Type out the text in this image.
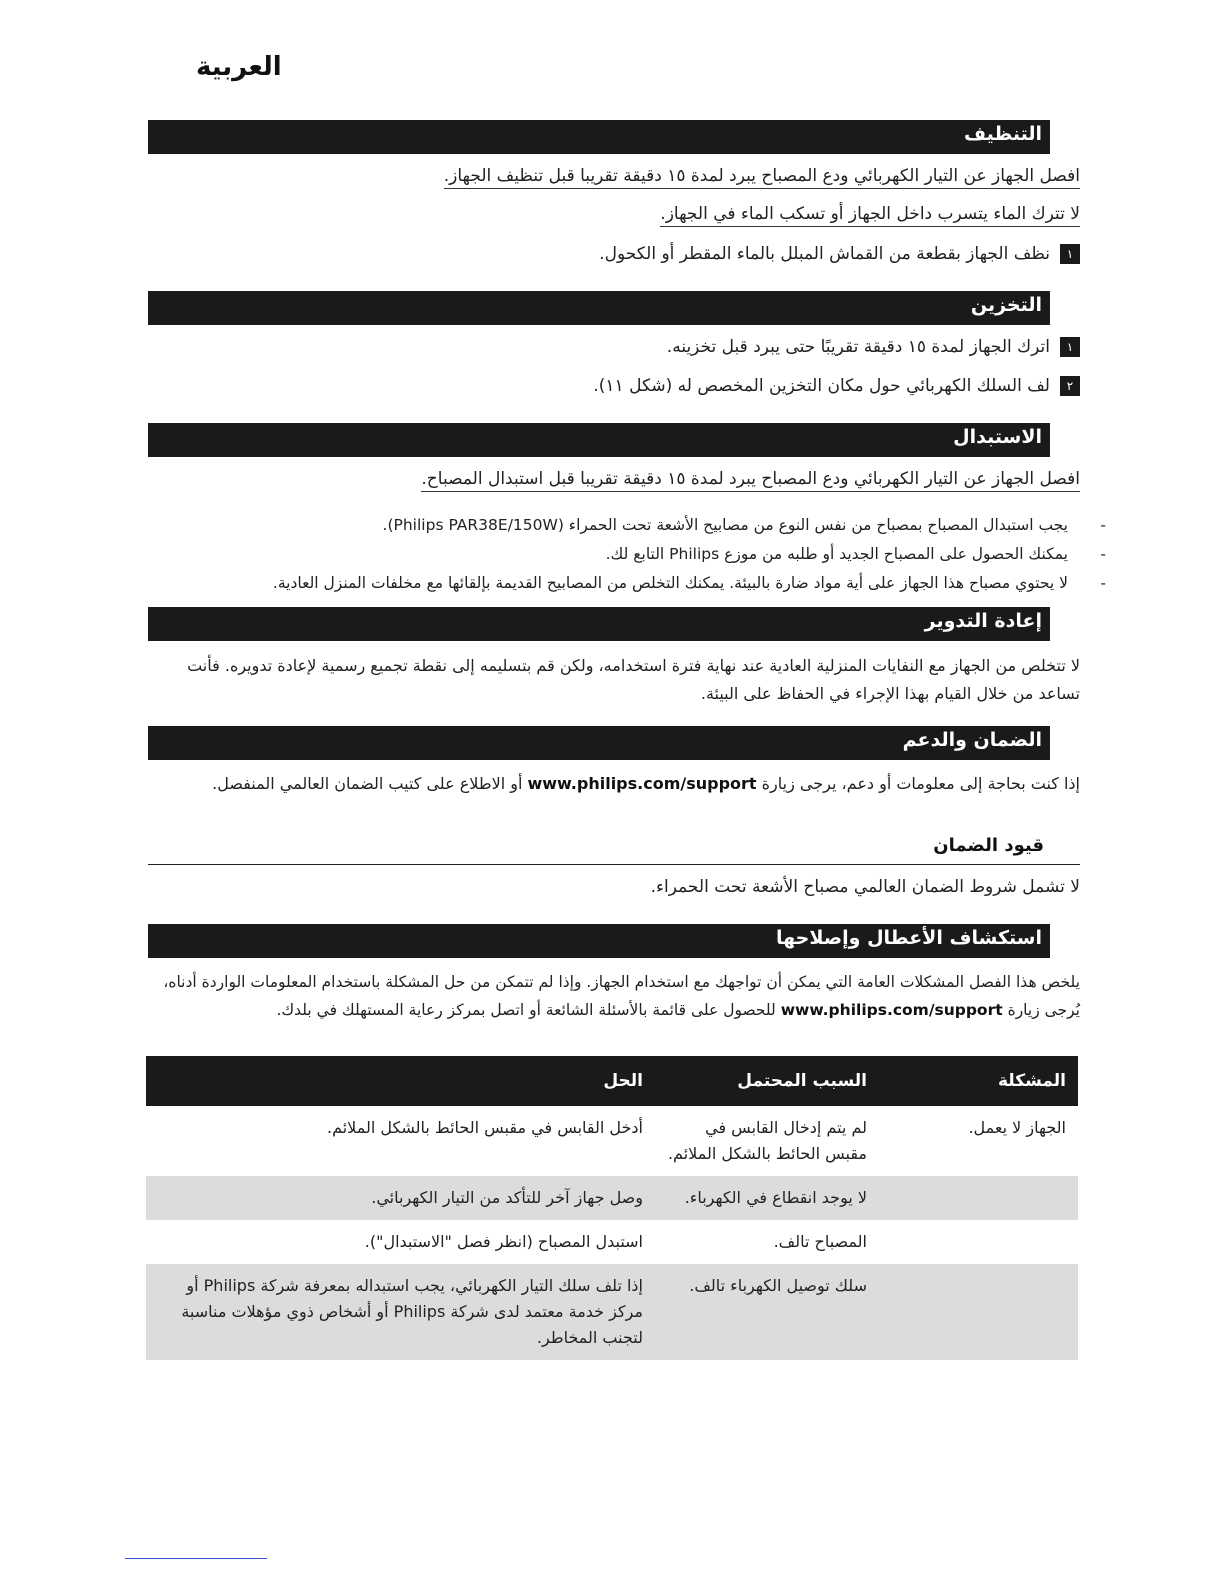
العربية
التنظيف
افصل الجهاز عن التيار الكهربائي ودع المصباح يبرد لمدة ١٥ دقيقة تقريبا قبل تنظيف الجهاز.
لا تترك الماء يتسرب داخل الجهاز أو تسكب الماء في الجهاز.
١
نظف الجهاز بقطعة من القماش المبلل بالماء المقطر أو الكحول.
التخزين
١
اترك الجهاز لمدة ١٥ دقيقة تقريبًا حتى يبرد قبل تخزينه.
٢
لف السلك الكهربائي حول مكان التخزين المخصص له (شكل ١١).
الاستبدال
افصل الجهاز عن التيار الكهربائي ودع المصباح يبرد لمدة ١٥ دقيقة تقريبا قبل استبدال المصباح.
- يجب استبدال المصباح بمصباح من نفس النوع من مصابيح الأشعة تحت الحمراء (Philips PAR38E/150W).
- يمكنك الحصول على المصباح الجديد أو طلبه من موزع Philips التابع لك.
- لا يحتوي مصباح هذا الجهاز على أية مواد ضارة بالبيئة. يمكنك التخلص من المصابيح القديمة بإلقائها مع مخلفات المنزل العادية.
إعادة التدوير
لا تتخلص من الجهاز مع النفايات المنزلية العادية عند نهاية فترة استخدامه، ولكن قم بتسليمه إلى نقطة تجميع رسمية لإعادة تدويره. فأنت تساعد من خلال القيام بهذا الإجراء في الحفاظ على البيئة.
الضمان والدعم
إذا كنت بحاجة إلى معلومات أو دعم، يرجى زيارة www.philips.com/support أو الاطلاع على كتيب الضمان العالمي المنفصل.
قيود الضمان
لا تشمل شروط الضمان العالمي مصباح الأشعة تحت الحمراء.
استكشاف الأعطال وإصلاحها
يلخص هذا الفصل المشكلات العامة التي يمكن أن تواجهك مع استخدام الجهاز. وإذا لم تتمكن من حل المشكلة باستخدام المعلومات الواردة أدناه، يُرجى زيارة www.philips.com/support للحصول على قائمة بالأسئلة الشائعة أو اتصل بمركز رعاية المستهلك في بلدك.
المشكلة	السبب المحتمل	الحل
الجهاز لا يعمل.	لم يتم إدخال القابس في مقبس الحائط بالشكل الملائم.	أدخل القابس في مقبس الحائط بالشكل الملائم.
	لا يوجد انقطاع في الكهرباء.	وصل جهاز آخر للتأكد من التيار الكهربائي.
	المصباح تالف.	استبدل المصباح (انظر فصل "الاستبدال").
	سلك توصيل الكهرباء تالف.	إذا تلف سلك التيار الكهربائي، يجب استبداله بمعرفة شركة Philips أو مركز خدمة معتمد لدى شركة Philips أو أشخاص ذوي مؤهلات مناسبة لتجنب المخاطر.
